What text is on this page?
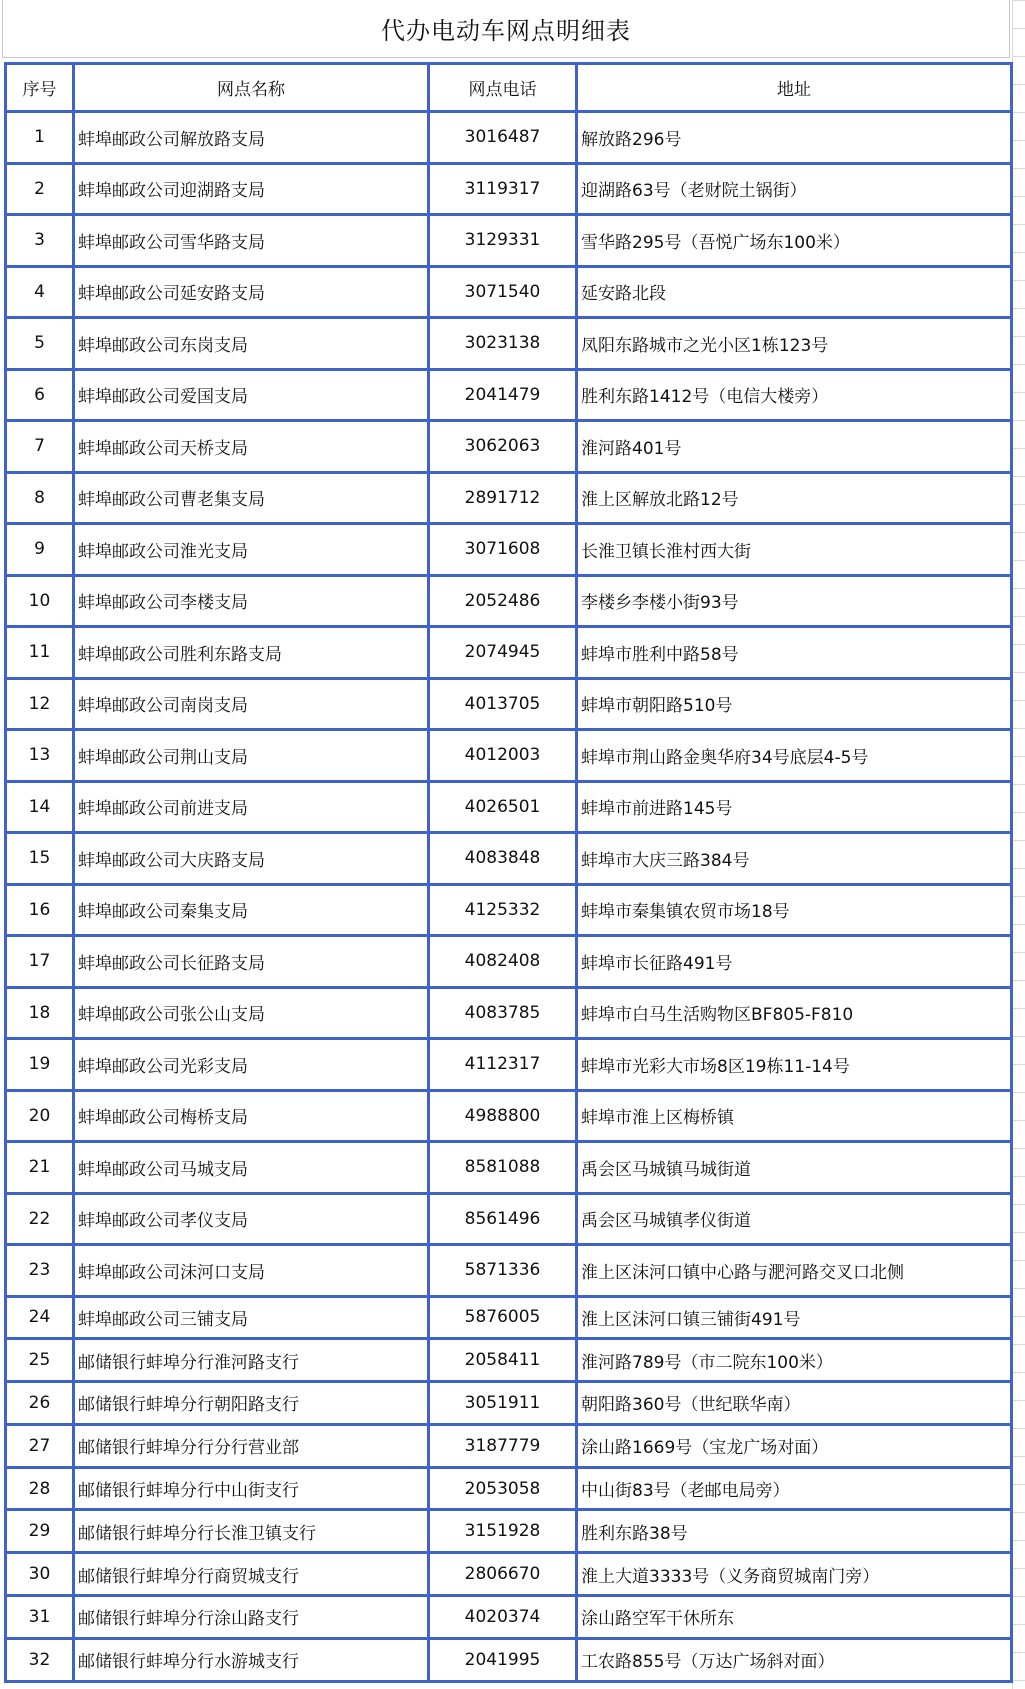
代办电动车网点明细表
序号	网点名称	网点电话	地址
1	蚌埠邮政公司解放路支局	3016487	解放路296号
2	蚌埠邮政公司迎湖路支局	3119317	迎湖路63号（老财院土锅街）
3	蚌埠邮政公司雪华路支局	3129331	雪华路295号（吾悦广场东100米）
4	蚌埠邮政公司延安路支局	3071540	延安路北段
5	蚌埠邮政公司东岗支局	3023138	凤阳东路城市之光小区1栋123号
6	蚌埠邮政公司爱国支局	2041479	胜利东路1412号（电信大楼旁）
7	蚌埠邮政公司天桥支局	3062063	淮河路401号
8	蚌埠邮政公司曹老集支局	2891712	淮上区解放北路12号
9	蚌埠邮政公司淮光支局	3071608	长淮卫镇长淮村西大街
10	蚌埠邮政公司李楼支局	2052486	李楼乡李楼小街93号
11	蚌埠邮政公司胜利东路支局	2074945	蚌埠市胜利中路58号
12	蚌埠邮政公司南岗支局	4013705	蚌埠市朝阳路510号
13	蚌埠邮政公司荆山支局	4012003	蚌埠市荆山路金奥华府34号底层4-5号
14	蚌埠邮政公司前进支局	4026501	蚌埠市前进路145号
15	蚌埠邮政公司大庆路支局	4083848	蚌埠市大庆三路384号
16	蚌埠邮政公司秦集支局	4125332	蚌埠市秦集镇农贸市场18号
17	蚌埠邮政公司长征路支局	4082408	蚌埠市长征路491号
18	蚌埠邮政公司张公山支局	4083785	蚌埠市白马生活购物区BF805-F810
19	蚌埠邮政公司光彩支局	4112317	蚌埠市光彩大市场8区19栋11-14号
20	蚌埠邮政公司梅桥支局	4988800	蚌埠市淮上区梅桥镇
21	蚌埠邮政公司马城支局	8581088	禹会区马城镇马城街道
22	蚌埠邮政公司孝仪支局	8561496	禹会区马城镇孝仪街道
23	蚌埠邮政公司沫河口支局	5871336	淮上区沫河口镇中心路与淝河路交叉口北侧
24	蚌埠邮政公司三铺支局	5876005	淮上区沫河口镇三铺街491号
25	邮储银行蚌埠分行淮河路支行	2058411	淮河路789号（市二院东100米）
26	邮储银行蚌埠分行朝阳路支行	3051911	朝阳路360号（世纪联华南）
27	邮储银行蚌埠分行分行营业部	3187779	涂山路1669号（宝龙广场对面）
28	邮储银行蚌埠分行中山街支行	2053058	中山街83号（老邮电局旁）
29	邮储银行蚌埠分行长淮卫镇支行	3151928	胜利东路38号
30	邮储银行蚌埠分行商贸城支行	2806670	淮上大道3333号（义务商贸城南门旁）
31	邮储银行蚌埠分行涂山路支行	4020374	涂山路空军干休所东
32	邮储银行蚌埠分行水游城支行	2041995	工农路855号（万达广场斜对面）
